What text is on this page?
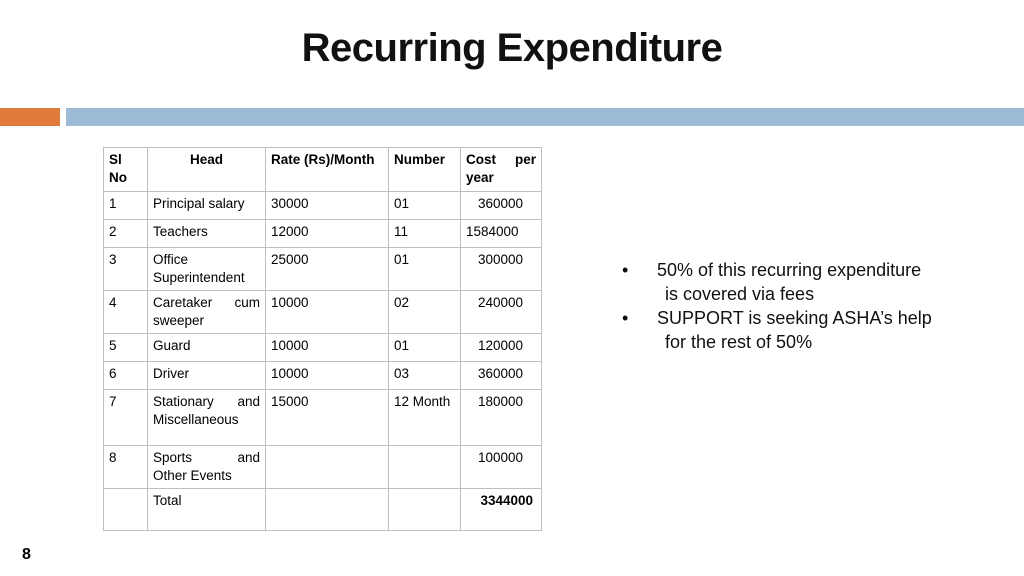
Recurring Expenditure
Sl No	Head	Rate (Rs)/Month	Number	Cost per
year

1	Principal salary	30000	01	360000
2	Teachers	12000	11	1584000
3	Office
Superintendent	25000	01	300000
4	Caretaker cum
sweeper	10000	02	240000
5	Guard	10000	01	120000
6	Driver	10000	03	360000
7	Stationary and
Miscellaneous	15000	12 Month	180000
8	Sports and
Other Events			100000
	Total			3344000
• 50% of this recurring expenditure
is covered via fees
• SUPPORT is seeking ASHA’s help
for the rest of 50%
8
